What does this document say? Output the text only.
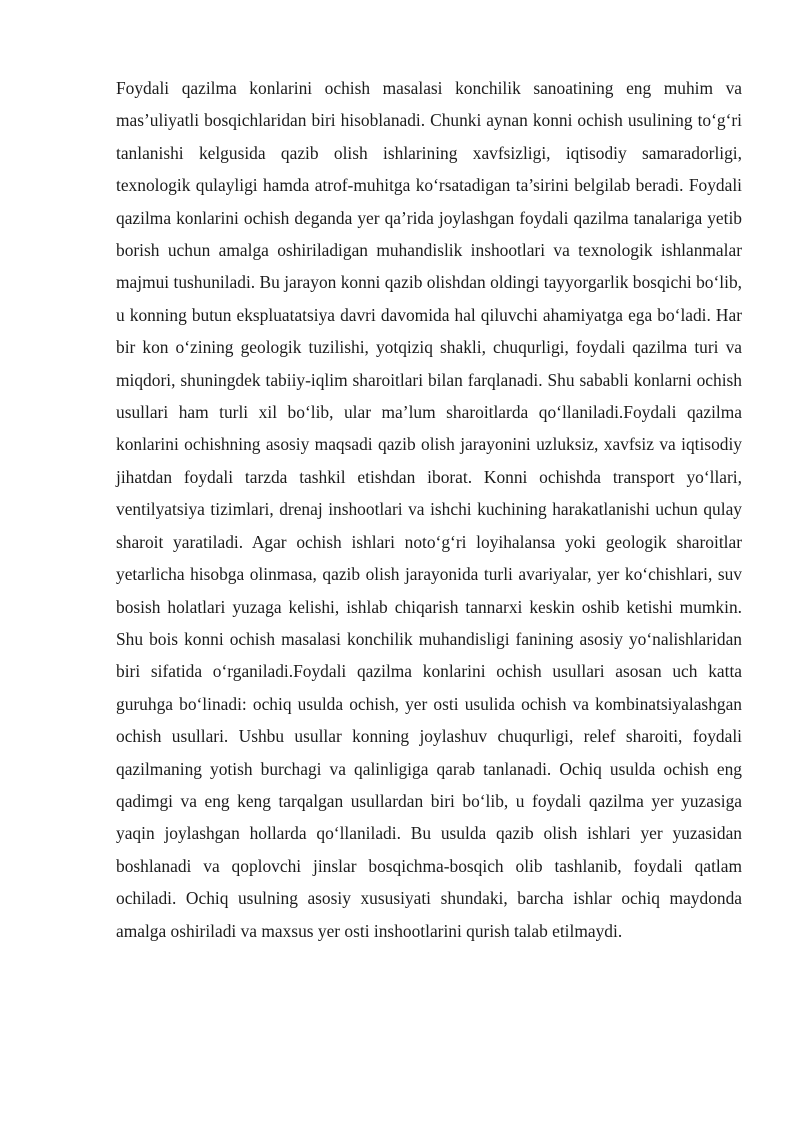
Foydali qazilma konlarini ochish masalasi konchilik sanoatining eng muhim va mas’uliyatli bosqichlaridan biri hisoblanadi. Chunki aynan konni ochish usulining to‘g‘ri tanlanishi kelgusida qazib olish ishlarining xavfsizligi, iqtisodiy samaradorligi, texnologik qulayligi hamda atrof-muhitga ko‘rsatadigan ta’sirini belgilab beradi. Foydali qazilma konlarini ochish deganda yer qa’rida joylashgan foydali qazilma tanalariga yetib borish uchun amalga oshiriladigan muhandislik inshootlari va texnologik ishlanmalar majmui tushuniladi. Bu jarayon konni qazib olishdan oldingi tayyorgarlik bosqichi bo‘lib, u konning butun ekspluatatsiya davri davomida hal qiluvchi ahamiyatga ega bo‘ladi. Har bir kon o‘zining geologik tuzilishi, yotqiziq shakli, chuqurligi, foydali qazilma turi va miqdori, shuningdek tabiiy-iqlim sharoitlari bilan farqlanadi. Shu sababli konlarni ochish usullari ham turli xil bo‘lib, ular ma’lum sharoitlarda qo‘llaniladi.Foydali qazilma konlarini ochishning asosiy maqsadi qazib olish jarayonini uzluksiz, xavfsiz va iqtisodiy jihatdan foydali tarzda tashkil etishdan iborat. Konni ochishda transport yo‘llari, ventilyatsiya tizimlari, drenaj inshootlari va ishchi kuchining harakatlanishi uchun qulay sharoit yaratiladi. Agar ochish ishlari noto‘g‘ri loyihalansa yoki geologik sharoitlar yetarlicha hisobga olinmasa, qazib olish jarayonida turli avariyalar, yer ko‘chishlari, suv bosish holatlari yuzaga kelishi, ishlab chiqarish tannarxi keskin oshib ketishi mumkin. Shu bois konni ochish masalasi konchilik muhandisligi fanining asosiy yo‘nalishlaridan biri sifatida o‘rganiladi.Foydali qazilma konlarini ochish usullari asosan uch katta guruhga bo‘linadi: ochiq usulda ochish, yer osti usulida ochish va kombinatsiyalashgan ochish usullari. Ushbu usullar konning joylashuv chuqurligi, relef sharoiti, foydali qazilmaning yotish burchagi va qalinligiga qarab tanlanadi. Ochiq usulda ochish eng qadimgi va eng keng tarqalgan usullardan biri bo‘lib, u foydali qazilma yer yuzasiga yaqin joylashgan hollarda qo‘llaniladi. Bu usulda qazib olish ishlari yer yuzasidan boshlanadi va qoplovchi jinslar bosqichma-bosqich olib tashlanib, foydali qatlam ochiladi. Ochiq usulning asosiy xususiyati shundaki, barcha ishlar ochiq maydonda amalga oshiriladi va maxsus yer osti inshootlarini qurish talab etilmaydi.
